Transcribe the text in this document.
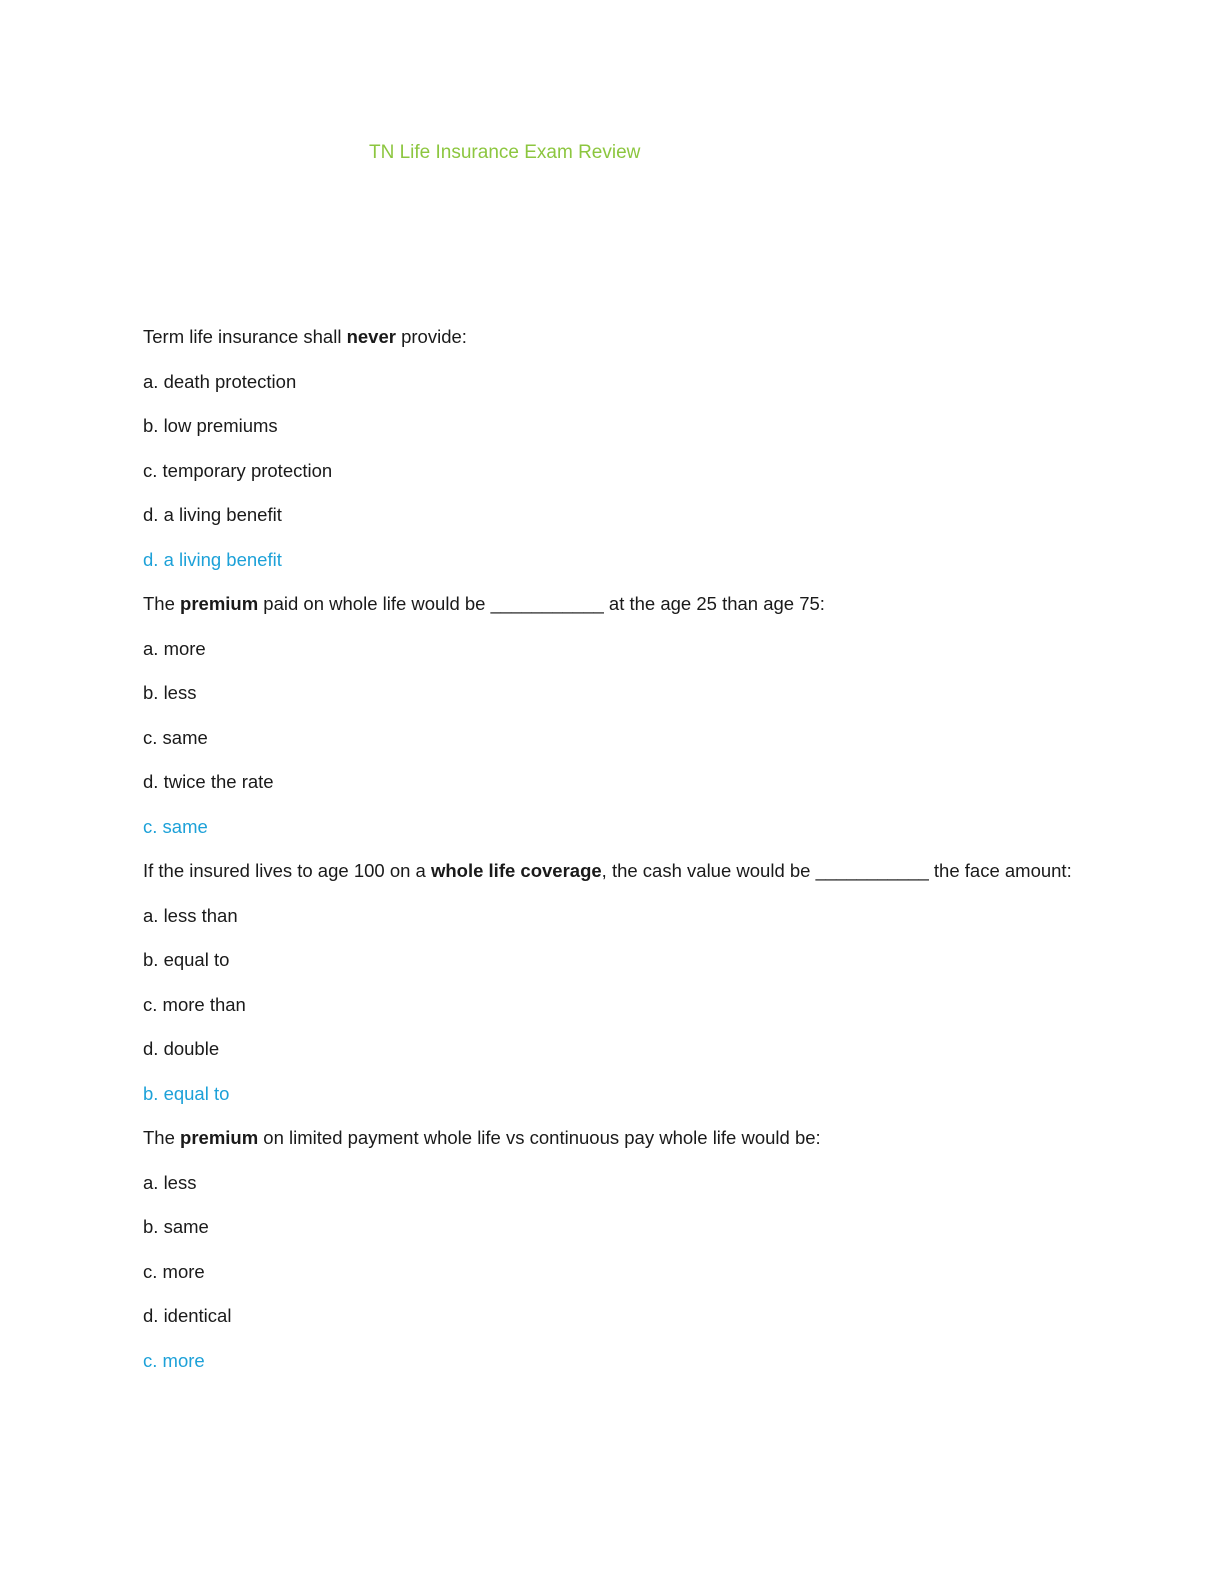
TN Life Insurance Exam Review
Term life insurance shall never provide:
a. death protection
b. low premiums
c. temporary protection
d. a living benefit
d. a living benefit
The premium paid on whole life would be ___________ at the age 25 than age 75:
a. more
b. less
c. same
d. twice the rate
c. same
If the insured lives to age 100 on a whole life coverage, the cash value would be ___________ the face amount:
a. less than
b. equal to
c. more than
d. double
b. equal to
The premium on limited payment whole life vs continuous pay whole life would be:
a. less
b. same
c. more
d. identical
c. more
